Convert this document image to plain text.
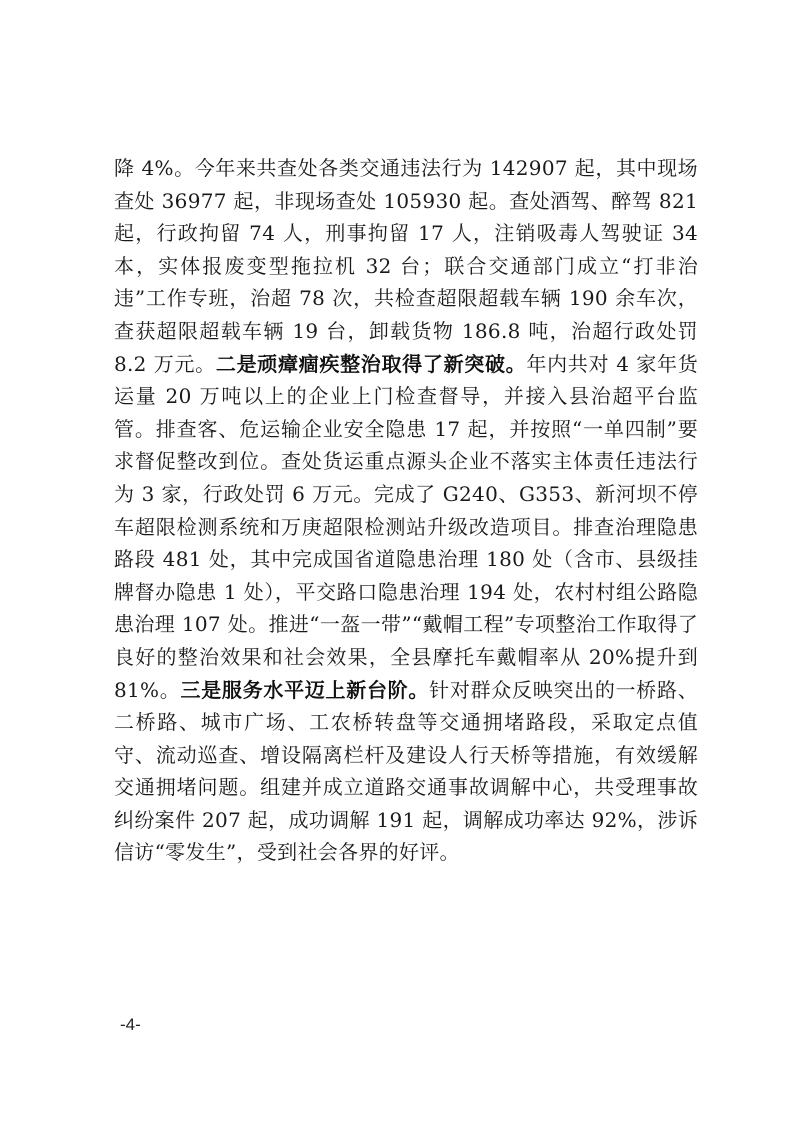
降 4%。今年来共查处各类交通违法行为 142907 起，其中现场查处 36977 起，非现场查处 105930 起。查处酒驾、醉驾 821 起，行政拘留 74 人，刑事拘留 17 人，注销吸毒人驾驶证 34 本，实体报废变型拖拉机 32 台；联合交通部门成立“打非治违”工作专班，治超 78 次，共检查超限超载车辆 190 余车次，查获超限超载车辆 19 台，卸载货物 186.8 吨，治超行政处罚 8.2 万元。二是顽瘴痼疾整治取得了新突破。年内共对 4 家年货运量 20 万吨以上的企业上门检查督导，并接入县治超平台监管。排查客、危运输企业安全隐患 17 起，并按照“一单四制”要求督促整改到位。查处货运重点源头企业不落实主体责任违法行为 3 家，行政处罚 6 万元。完成了 G240、G353、新河坝不停车超限检测系统和万庚超限检测站升级改造项目。排查治理隐患路段 481 处，其中完成国省道隐患治理 180 处（含市、县级挂牌督办隐患 1 处），平交路口隐患治理 194 处，农村村组公路隐患治理 107 处。推进“一盔一带”“戴帽工程”专项整治工作取得了良好的整治效果和社会效果，全县摩托车戴帽率从 20%提升到 81%。三是服务水平迈上新台阶。针对群众反映突出的一桥路、二桥路、城市广场、工农桥转盘等交通拥堵路段，采取定点值守、流动巡查、增设隔离栏杆及建设人行天桥等措施，有效缓解交通拥堵问题。组建并成立道路交通事故调解中心，共受理事故纠纷案件 207 起，成功调解 191 起，调解成功率达 92%，涉诉信访“零发生”，受到社会各界的好评。

-4-
